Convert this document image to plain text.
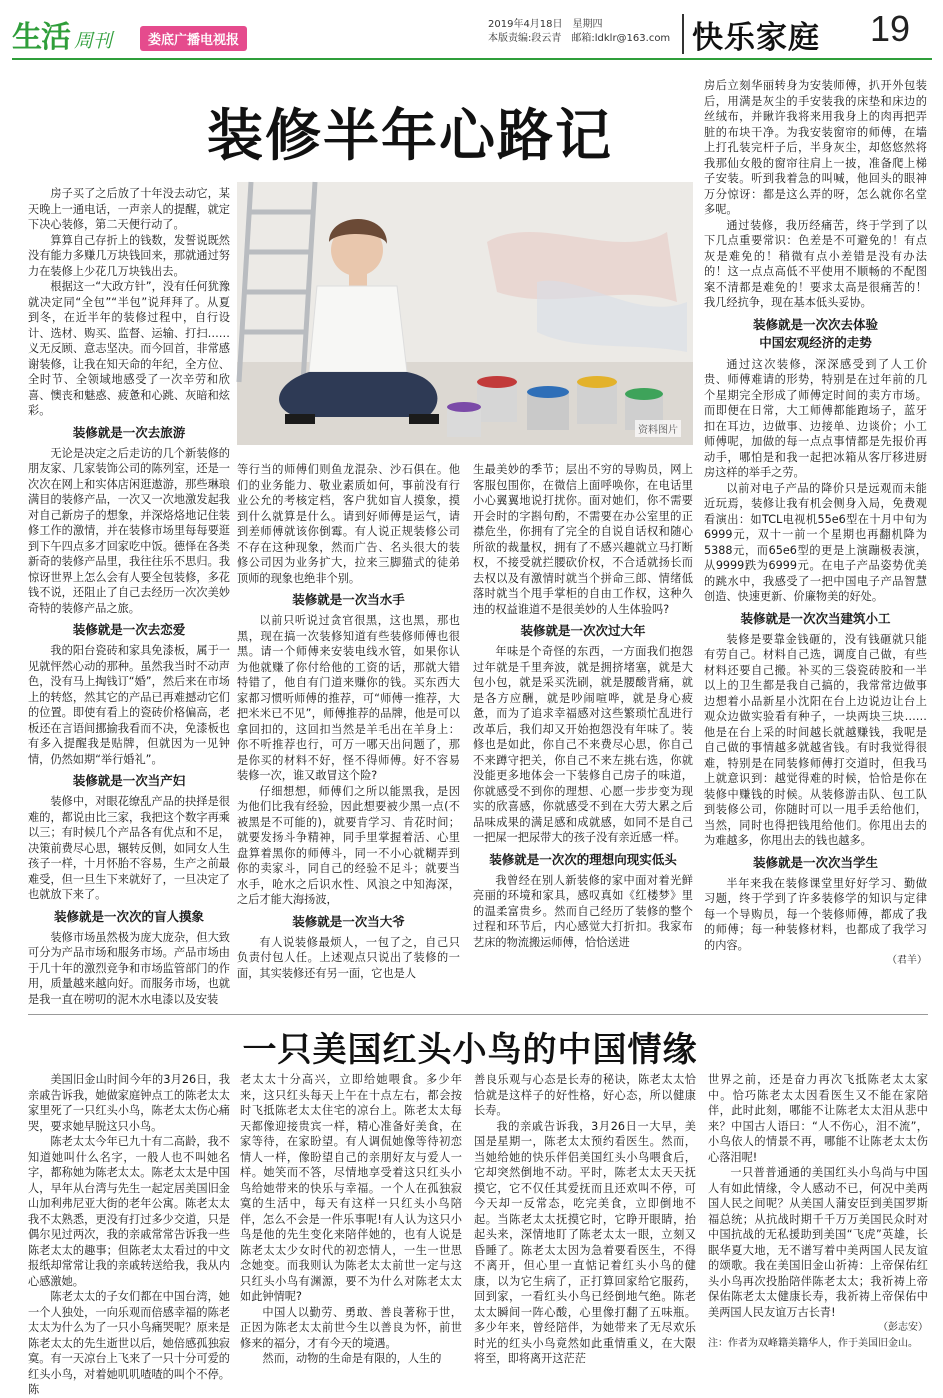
生活 周刊	娄底广播电视报
2019年4月18日 星期四
本版责编:段云青 邮箱:ldklr@163.com 快乐家庭 19
装修半年心路记
资料图片

房子买了之后放了十年没去动它，某天晚上一通电话，一声亲人的提醒，就定下决心装修，第二天便行动了。

算算自己存折上的钱数，发誓说既然没有能力多赚几万块钱回来，那就通过努力在装修上少花几万块钱出去。

根据这一“大政方针”，没有任何犹豫就决定同“全包”“半包”说拜拜了。从夏到冬，在近半年的装修过程中，自行设计、选材、购买、监督、运输、打扫……义无反顾、意志坚决。而今回首，非常感谢装修，让我在知天命的年纪，全方位、全时节、全领域地感受了一次辛劳和欣喜、懊丧和魅惑、疲惫和心跳、灰暗和炫彩。

装修就是一次去旅游

无论是决定之后走访的几个新装修的朋友家、几家装饰公司的陈列室，还是一次次在网上和实体店闲逛遨游，那些琳琅满目的装修产品，一次又一次地激发起我对自己新房子的想象，并深烙烙地记住装修工作的激情，并在装修市场里每每要逛到下午四点多才回家吃中饭。德怿在各类新奇的装修产品里，我往往乐不思归。我惊讶世界上怎么会有人要全包装修，多花钱不说，还阻止了自己去经历一次次美妙奇特的装修产品之旅。

装修就是一次去恋爱

我的阳台瓷砖和家具免漆板，属于一见就怦然心动的那种。虽然我当时不动声色，没有马上掏钱订“婚”，然后来在市场上的转悠，然其它的产品已再难撼动它们的位置。即使有看上的瓷砖价格偏高，老板还在言语间挪揄我看而不决，免漆板也有多入提醒我是贴牌，但就因为一见钟情，仍然如期“举行婚礼”。

装修就是一次当产妇

装修中，对眼花缭乱产品的抉择是很难的，都说由比三家，我把这个数字再乘以三；有时候几个产品各有优点和不足，决策前费尽心思，辗转反侧，如同女人生孩子一样，十月怀胎不容易，生产之前最难受，但一旦生下来就好了，一旦决定了也就放下来了。

装修就是一次次的盲人摸象

装修市场虽然极为庞大庞杂，但大致可分为产品市场和服务市场。产品市场由于几十年的激烈竞争和市场监管部门的作用，质量越来越向好。而服务市场，也就是我一直在唠叨的泥木水电漆以及安装

等行当的师傅们则鱼龙混杂、沙石俱在。他们的业务能力、敬业素质如何，事前没有行业公允的考核定档，客户犹如盲人摸象，摸到什么就算是什么。请到好师傅是运气，请到差师傅就该你倒霉。有人说正规装修公司不存在这种现象，然而广告、名头很大的装修公司因为业务扩大，拉来三脚猫式的徒弟顶师的现象也绝非个别。

装修就是一次当水手

以前只听说过贪官很黑，这也黑，那也黑，现在搞一次装修知道有些装修师傅也很黑。请一个师傅来安装电线水管，如果你认为他就赚了你付给他的工资的话，那就大错特错了，他自有门道来赚你的钱。买东西大家都习惯听师傅的推荐，可“师傅一推荐，大把米米已不见”，师傅推荐的品牌，他是可以拿回扣的，这回扣当然是羊毛出在羊身上：你不听推荐也行，可万一哪天出问题了，那是你买的材料不好，怪不得师傅。好不容易装修一次，谁又敢冒这个险?

仔细想想，师傅们之所以能黑我，是因为他们比我有经验，因此想要被少黑一点(不被黑是不可能的)，就要肯学习、肯花时间；就要发扬斗争精神，同手里掌握着活、心里盘算着黑你的师傅斗，同一不小心就糊弄到你的卖家斗，同自己的经验不足斗；就要当水手，呛水之后识水性、风浪之中知海深，之后才能大海扬波，

装修就是一次当大爷

有人说装修最烦人，一包了之，自己只负责付包人任。上述观点只说出了装修的一面，其实装修还有另一面，它也是人

生最美妙的季节；层出不穷的导购员，网上客服包围你，在微信上面呼唤你，在电话里小心翼翼地说打扰你。面对她们，你不需要开会时的字斟句酌，不需要在办公室里的正襟危坐，你拥有了完全的自说自话权和随心所欲的裁量权，拥有了不感兴趣就立马打断权，不接受就拦腰砍价权，不合适就扬长而去权以及有激情时就当个拼命三郎、情绪低落时就当个甩手掌柜的自由工作权，这种久违的权益谁道不是很美妙的人生体验吗?

装修就是一次次过大年

年味是个奇怪的东西，一方面我们抱怨过年就是千里奔波，就是拥挤堵塞，就是大包小包，就是采买洗刷，就是腰酸背痛，就是各方应酬，就是吵闹喧哗，就是身心疲惫，而为了追求幸福感对这些繁琐忙乱进行改革后，我们却又开始抱怨没有年味了。装修也是如此，你自己不来费尽心思，你自己不来蹲守把关，你自己不来左挑右选，你就没能更多地体会一下装修自己房子的味道，你就感受不到你的理想、心愿一步步变为现实的欣喜感，你就感受不到在大劳大累之后品味成果的满足感和成就感，如同不是自己一把屎一把尿带大的孩子没有亲近感一样。

装修就是一次次的理想向现实低头

我曾经在别人新装修的家中面对着光鲜亮丽的环境和家具，感叹真如《红楼梦》里的温柔富贵乡。然而自己经历了装修的整个过程和环节后，内心感觉大打折扣。我家布艺床的物流搬运师傅，恰恰送进

房后立刻华丽转身为安装师傅，扒开外包装后，用满是灰尘的手安装我的床垫和床边的丝绒布，并瞅许我将来用我身上的肉再把弄脏的布块干净。为我安装窗帘的师傅，在墙上打孔装完杆子后，半身灰尘，却悠悠然将我那仙女般的窗帘往肩上一披，准备爬上梯子安装。听到我着急的叫喊，他回头的眼神万分惊讶：都是这么弄的呀，怎么就你名堂多呢。

通过装修，我历经痛苦，终于学到了以下几点重要常识：色差是不可避免的！有点灰是难免的！稍微有点小差错是没有办法的！这一点点高低不平使用不顺畅的不配图案不清都是难免的！要求太高是很痛苦的！我几经抗争，现在基本低头妥协。

装修就是一次次去体验
中国宏观经济的走势

通过这次装修，深深感受到了人工价贵、师傅难请的形势，特别是在过年前的几个星期完全形成了师傅定时间的卖方市场。而即便在日常，大工师傅都能跑场子，蓝牙扣在耳边，边做事、边接单、边谈价；小工师傅呢，加做的每一点点事情都是先报价再动手，哪怕是和我一起把冰箱从客厅移进厨房这样的举手之劳。

以前对电子产品的降价只是远观而未能近玩焉，装修让我有机会侧身入局，免费观看演出：如TCL电视机55e6型在十月中旬为6999元，双十一前一个星期也再翻机降为5388元，而65e6型的更是上演蹦极表演，从9999跌为6999元。在电子产品姿势优美的跳水中，我感受了一把中国电子产品智慧创造、快速更新、价廉物美的好处。

装修就是一次次当建筑小工

装修是要靠金钱砸的，没有钱砸就只能有劳自己。材料自己选，调度自己做，有些材料还要自己搬。补买的三袋瓷砖胶和一半以上的卫生都是我自己搞的，我常常边做事边想着小品新星小沈阳在台上边说边让台上观众边做实验看有种子，一块两块三块……他是在台上采的时间越长就越赚钱，我呢是自己做的事情越多就越省钱。有时我觉得很难，特别是在同装修师傅打交道时，但我马上就意识到：越觉得难的时候，恰恰是你在装修中赚钱的时候。从装修游击队、包工队到装修公司，你随时可以一甩手丢给他们，当然，同时也得把钱甩给他们。你甩出去的为难越多，你甩出去的钱也越多。

装修就是一次次当学生

半年来我在装修课堂里好好学习、勤做习题，终于学到了许多装修学的知识与定律每一个导购员，每一个装修师傅，都成了我的师傅；每一种装修材料，也都成了我学习的内容。

（君羊）

一只美国红头小鸟的中国情缘

美国旧金山时间今年的3月26日，我亲戚告诉我，她做家庭钟点工的陈老太太家里死了一只红头小鸟，陈老太太伤心痛哭，要求她早脱这只小鸟。

陈老太太今年已九十有二高龄，我不知道她叫什么名字，一般人也不叫她名字，都称她为陈老太太。陈老太太是中国人，早年从台湾与先生一起定居美国旧金山加利弗尼亚大街的老年公寓。陈老太太我不太熟悉，更没有打过多少交道，只是偶尔见过两次，我的亲戚常常告诉我一些陈老太太的趣事；但陈老太太看过的中文报纸却常常让我的亲戚转送给我，我从内心感激她。

陈老太太的子女们都在中国台湾，她一个人独处，一向乐观而倍感幸福的陈老太太为什么为了一只小鸟痛哭呢？原来是陈老太太的先生逝世以后，她倍感孤独寂寞。有一天凉台上飞来了一只十分可爱的红头小鸟，对着她叽叽喳喳的叫个不停。陈

老太太十分高兴，立即给她喂食。多少年来，这只红头每天上午在十点左右，都会按时飞抵陈老太太住宅的凉台上。陈老太太每天都像迎接贵宾一样，精心准备好美食，在家等待，在家盼望。有人调侃她像等待初恋情人一样，像盼望自己的亲朋好友与爱人一样。她笑而不答，尽情地享受着这只红头小鸟给她带来的快乐与幸福。一个人在孤独寂寞的生活中，每天有这样一只红头小鸟陪伴，怎么不会是一件乐事呢!有人认为这只小鸟是他的先生变化来陪伴她的，也有人说是陈老太太少女时代的初恋情人，一生一世思念她变。而我则认为陈老太太前世一定与这只红头小鸟有渊源，要不为什么对陈老太太如此钟情呢?

中国人以勤劳、勇敢、善良著称于世，正因为陈老太太前世今生以善良为怀，前世修来的福分，才有今天的境遇。

然而，动物的生命是有限的，人生的

善良乐观与心态是长寿的秘诀，陈老太太恰恰就是这样子的好性格，好心态，所以健康长寿。

我的亲戚告诉我，3月26日一大早，美国是星期一，陈老太太预约看医生。然而，当她给她的快乐伴侣美国红头小鸟喂食后，它却突然倒地不动。平时，陈老太太天天抚摸它，它不仅任其爱抚而且还欢叫不停，可今天却一反常态，吃完美食，立即倒地不起。当陈老太太抚摸它时，它睁开眼睛，抬起头来，深情地盯了陈老太太一眼，立刻又昏睡了。陈老太太因为急着要看医生，不得不离开，但心里一直惦记着红头小鸟的健康，以为它生病了，正打算回家给它服药，回到家，一看红头小鸟已经倒地气绝。陈老太太瞬间一阵心酸，心里像打翻了五味瓶。多少年来，曾经陪伴，为她带来了无尽欢乐时光的红头小鸟竟然如此重情重义，在大限将至，即将离开这茫茫

世界之前，还是奋力再次飞抵陈老太太家中。恰巧陈老太太因看医生又不能在家陪伴，此时此刻，哪能不让陈老太太泪从悲中来？中国古人语曰：“人不伤心，泪不流”，小鸟依人的情景不再，哪能不让陈老太太伤心落泪呢!

一只普普通通的美国红头小鸟尚与中国人有如此情缘，令人感动不已，何况中美两国人民之间呢？从美国人蒲安臣到美国罗斯福总统；从抗战时期千千万万美国民众时对中国抗战的无私援助到美国“飞虎”英雄，长眠华夏大地，无不谱写着中美两国人民友谊的颂歌。我在美国旧金山祈祷：上帝保佑红头小鸟再次投胎陪伴陈老太太；我祈祷上帝保佑陈老太太健康长寿，我祈祷上帝保佑中美两国人民友谊万古长青!

（彭志安）

注：作者为双峰籍美籍华人，作于美国旧金山。
